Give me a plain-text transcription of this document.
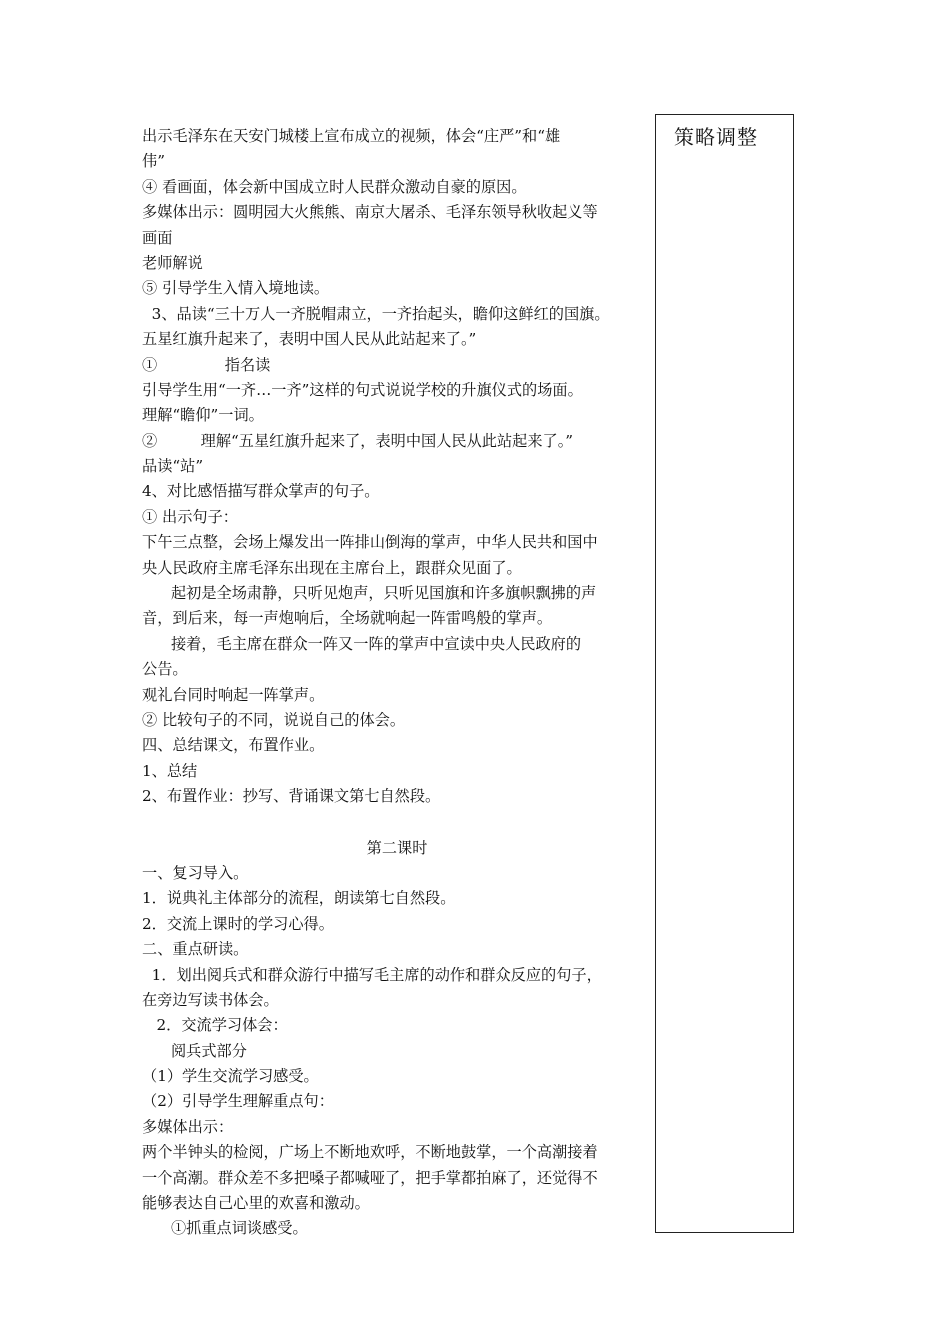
出示毛泽东在天安门城楼上宣布成立的视频，体会“庄严”和“雄
伟”
④ 看画面，体会新中国成立时人民群众激动自豪的原因。
多媒体出示：圆明园大火熊熊、南京大屠杀、毛泽东领导秋收起义等
画面
老师解说
⑤ 引导学生入情入境地读。
3、品读“三十万人一齐脱帽肃立，一齐抬起头，瞻仰这鲜红的国旗。
五星红旗升起来了，表明中国人民从此站起来了。”
①              指名读
引导学生用“一齐…一齐”这样的句式说说学校的升旗仪式的场面。
理解“瞻仰”一词。
②         理解“五星红旗升起来了，表明中国人民从此站起来了。”
品读“站”
4、对比感悟描写群众掌声的句子。
① 出示句子：
下午三点整，会场上爆发出一阵排山倒海的掌声，中华人民共和国中
央人民政府主席毛泽东出现在主席台上，跟群众见面了。
起初是全场肃静，只听见炮声，只听见国旗和许多旗帜飘拂的声
音，到后来，每一声炮响后，全场就响起一阵雷鸣般的掌声。
接着，毛主席在群众一阵又一阵的掌声中宣读中央人民政府的
公告。
观礼台同时响起一阵掌声。
② 比较句子的不同，说说自己的体会。
四、总结课文，布置作业。
1、总结
2、布置作业：抄写、背诵课文第七自然段。
第二课时
一、复习导入。
1．说典礼主体部分的流程，朗读第七自然段。
2．交流上课时的学习心得。
二、重点研读。
1．划出阅兵式和群众游行中描写毛主席的动作和群众反应的句子，
在旁边写读书体会。
2．交流学习体会：
阅兵式部分
（1）学生交流学习感受。
（2）引导学生理解重点句：
多媒体出示：
两个半钟头的检阅，广场上不断地欢呼，不断地鼓掌，一个高潮接着
一个高潮。群众差不多把嗓子都喊哑了，把手掌都拍麻了，还觉得不
能够表达自己心里的欢喜和激动。
①抓重点词谈感受。
策略调整
